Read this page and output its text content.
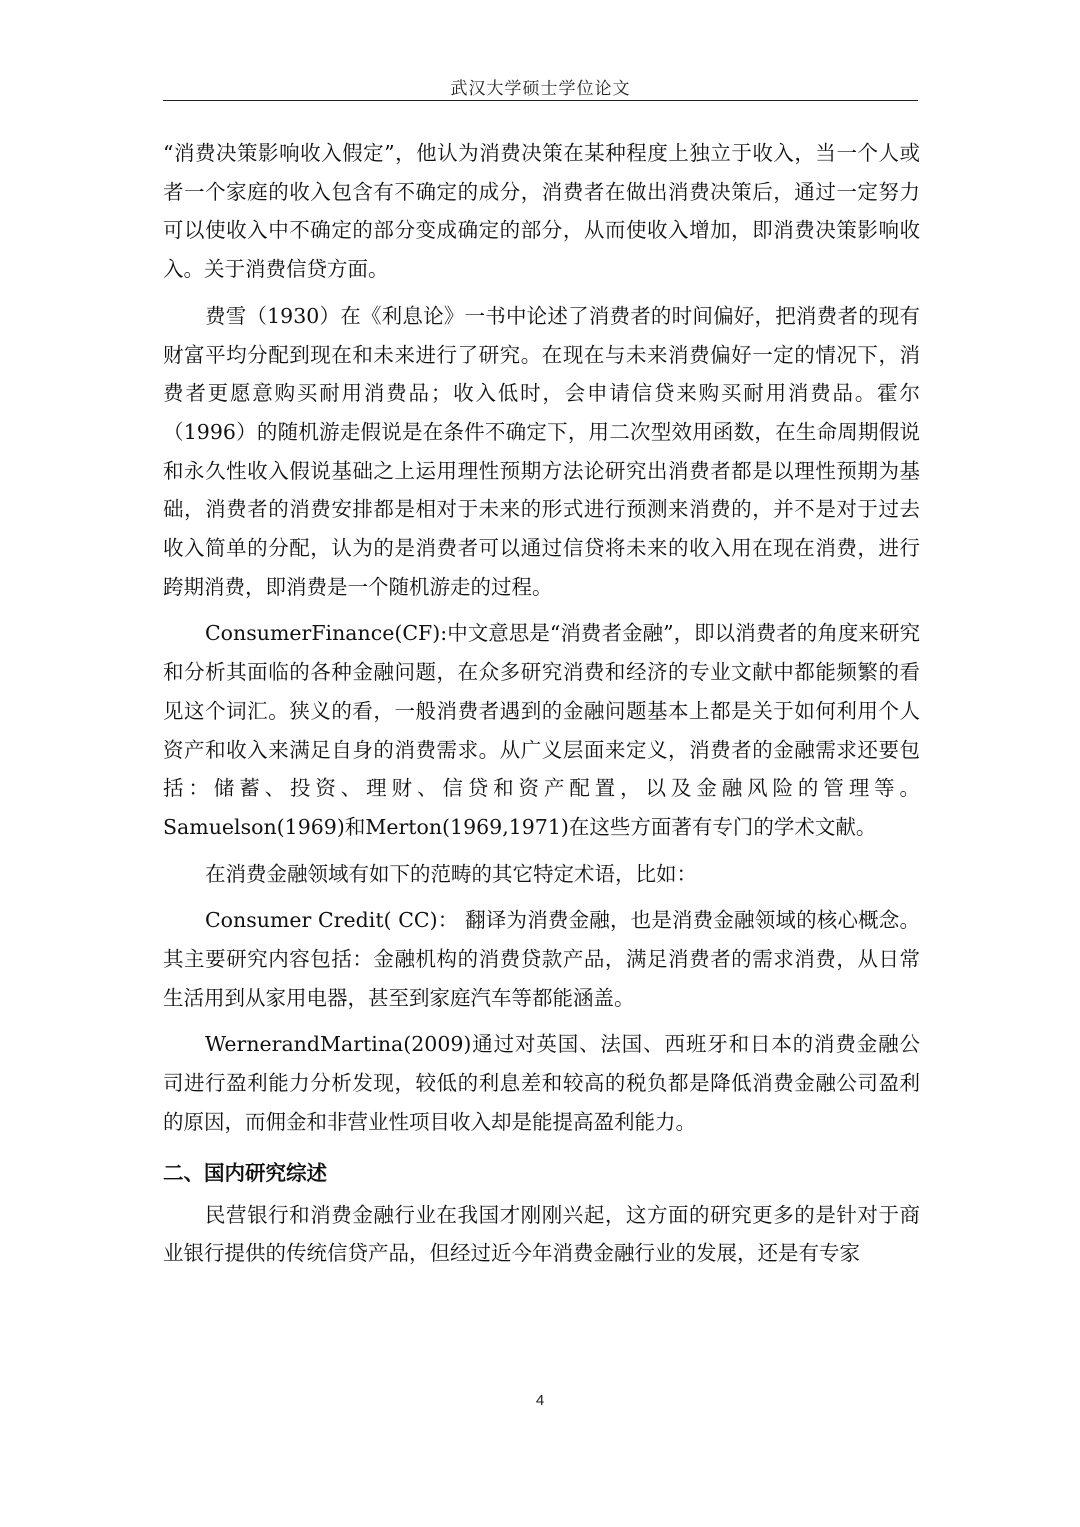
武汉大学硕士学位论文

“消费决策影响收入假定”，他认为消费决策在某种程度上独立于收入，当一个人或者一个家庭的收入包含有不确定的成分，消费者在做出消费决策后，通过一定努力可以使收入中不确定的部分变成确定的部分，从而使收入增加，即消费决策影响收入。关于消费信贷方面。

费雪（1930）在《利息论》一书中论述了消费者的时间偏好，把消费者的现有财富平均分配到现在和未来进行了研究。在现在与未来消费偏好一定的情况下，消费者更愿意购买耐用消费品；收入低时，会申请信贷来购买耐用消费品。霍尔（1996）的随机游走假说是在条件不确定下，用二次型效用函数，在生命周期假说和永久性收入假说基础之上运用理性预期方法论研究出消费者都是以理性预期为基础，消费者的消费安排都是相对于未来的形式进行预测来消费的，并不是对于过去收入简单的分配，认为的是消费者可以通过信贷将未来的收入用在现在消费，进行跨期消费，即消费是一个随机游走的过程。

ConsumerFinance(CF):中文意思是“消费者金融”，即以消费者的角度来研究和分析其面临的各种金融问题，在众多研究消费和经济的专业文献中都能频繁的看见这个词汇。狭义的看，一般消费者遇到的金融问题基本上都是关于如何利用个人资产和收入来满足自身的消费需求。从广义层面来定义，消费者的金融需求还要包括：储蓄、投资、理财、信贷和资产配置，以及金融风险的管理等。Samuelson(1969)和Merton(1969,1971)在这些方面著有专门的学术文献。

在消费金融领域有如下的范畴的其它特定术语，比如：

Consumer Credit( CC)： 翻译为消费金融，也是消费金融领域的核心概念。其主要研究内容包括：金融机构的消费贷款产品，满足消费者的需求消费，从日常生活用到从家用电器，甚至到家庭汽车等都能涵盖。

WernerandMartina(2009)通过对英国、法国、西班牙和日本的消费金融公司进行盈利能力分析发现，较低的利息差和较高的税负都是降低消费金融公司盈利的原因，而佣金和非营业性项目收入却是能提高盈利能力。

二、国内研究综述

民营银行和消费金融行业在我国才刚刚兴起，这方面的研究更多的是针对于商业银行提供的传统信贷产品，但经过近今年消费金融行业的发展，还是有专家

4
